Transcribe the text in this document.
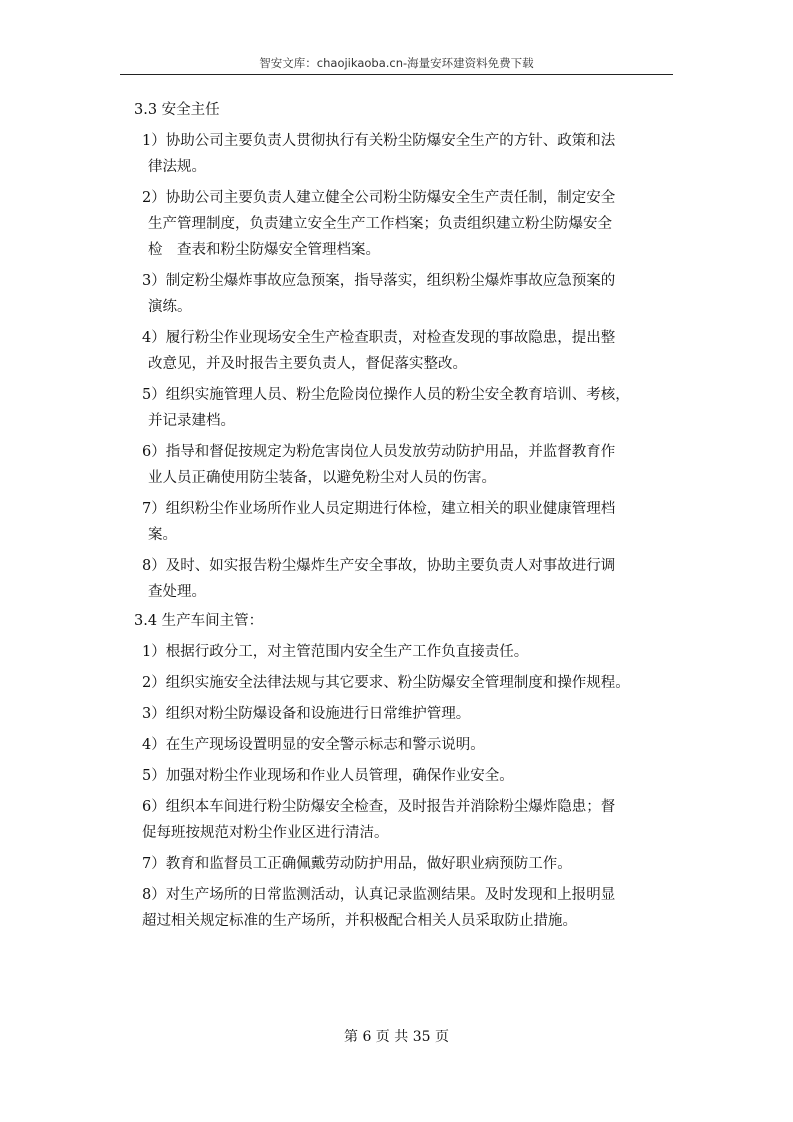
智安文库：chaojikaoba.cn-海量安环建资料免费下载
3.3 安全主任
1）协助公司主要负责人贯彻执行有关粉尘防爆安全生产的方针、政策和法
律法规。
2）协助公司主要负责人建立健全公司粉尘防爆安全生产责任制，制定安全
生产管理制度，负责建立安全生产工作档案；负责组织建立粉尘防爆安全
检　查表和粉尘防爆安全管理档案。
3）制定粉尘爆炸事故应急预案，指导落实，组织粉尘爆炸事故应急预案的
演练。
4）履行粉尘作业现场安全生产检查职责，对检查发现的事故隐患，提出整
改意见，并及时报告主要负责人，督促落实整改。
5）组织实施管理人员、粉尘危险岗位操作人员的粉尘安全教育培训、考核，
并记录建档。
6）指导和督促按规定为粉危害岗位人员发放劳动防护用品，并监督教育作
业人员正确使用防尘装备，以避免粉尘对人员的伤害。
7）组织粉尘作业场所作业人员定期进行体检，建立相关的职业健康管理档
案。
8）及时、如实报告粉尘爆炸生产安全事故，协助主要负责人对事故进行调
查处理。
3.4 生产车间主管：
1）根据行政分工，对主管范围内安全生产工作负直接责任。
2）组织实施安全法律法规与其它要求、粉尘防爆安全管理制度和操作规程。
3）组织对粉尘防爆设备和设施进行日常维护管理。
4）在生产现场设置明显的安全警示标志和警示说明。
5）加强对粉尘作业现场和作业人员管理，确保作业安全。
6）组织本车间进行粉尘防爆安全检查，及时报告并消除粉尘爆炸隐患；督
促每班按规范对粉尘作业区进行清洁。
7）教育和监督员工正确佩戴劳动防护用品，做好职业病预防工作。
8）对生产场所的日常监测活动，认真记录监测结果。及时发现和上报明显
超过相关规定标准的生产场所，并积极配合相关人员采取防止措施。
第 6 页 共 35 页
